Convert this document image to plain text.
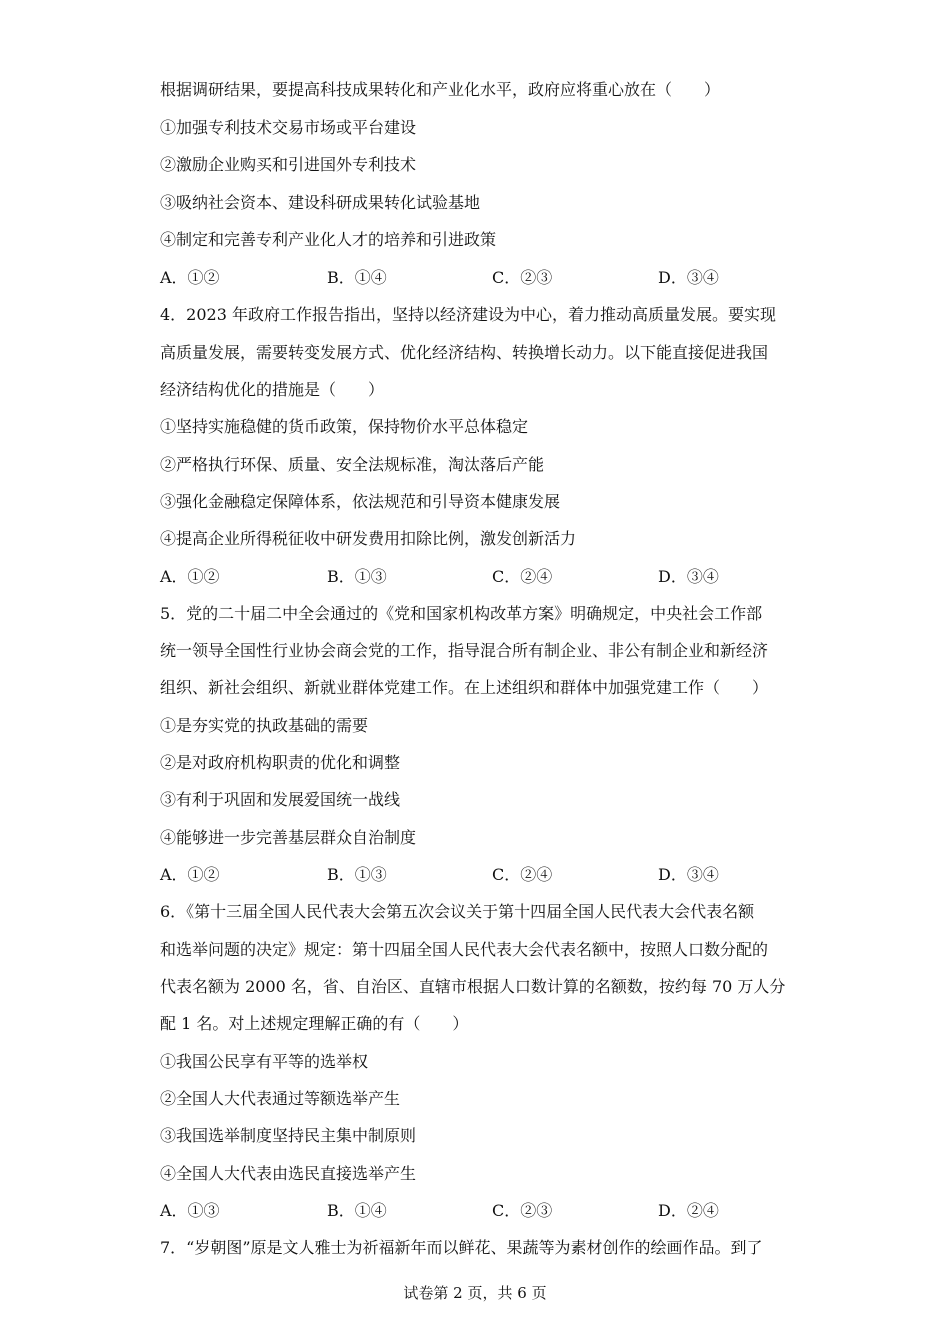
根据调研结果，要提高科技成果转化和产业化水平，政府应将重心放在（　　）
①加强专利技术交易市场或平台建设
②激励企业购买和引进国外专利技术
③吸纳社会资本、建设科研成果转化试验基地
④制定和完善专利产业化人才的培养和引进政策
A．①②	B．①④	C．②③	D．③④
4．2023 年政府工作报告指出，坚持以经济建设为中心，着力推动高质量发展。要实现
高质量发展，需要转变发展方式、优化经济结构、转换增长动力。以下能直接促进我国
经济结构优化的措施是（　　）
①坚持实施稳健的货币政策，保持物价水平总体稳定
②严格执行环保、质量、安全法规标准，淘汰落后产能
③强化金融稳定保障体系，依法规范和引导资本健康发展
④提高企业所得税征收中研发费用扣除比例，激发创新活力
A．①②	B．①③	C．②④	D．③④
5．党的二十届二中全会通过的《党和国家机构改革方案》明确规定，中央社会工作部
统一领导全国性行业协会商会党的工作，指导混合所有制企业、非公有制企业和新经济
组织、新社会组织、新就业群体党建工作。在上述组织和群体中加强党建工作（　　）
①是夯实党的执政基础的需要
②是对政府机构职责的优化和调整
③有利于巩固和发展爱国统一战线
④能够进一步完善基层群众自治制度
A．①②	B．①③	C．②④	D．③④
6．《第十三届全国人民代表大会第五次会议关于第十四届全国人民代表大会代表名额
和选举问题的决定》规定：第十四届全国人民代表大会代表名额中，按照人口数分配的
代表名额为 2000 名，省、自治区、直辖市根据人口数计算的名额数，按约每 70 万人分
配 1 名。对上述规定理解正确的有（　　）
①我国公民享有平等的选举权
②全国人大代表通过等额选举产生
③我国选举制度坚持民主集中制原则
④全国人大代表由选民直接选举产生
A．①③	B．①④	C．②③	D．②④
7．“岁朝图”原是文人雅士为祈福新年而以鲜花、果蔬等为素材创作的绘画作品。到了
试卷第 2 页，共 6 页
